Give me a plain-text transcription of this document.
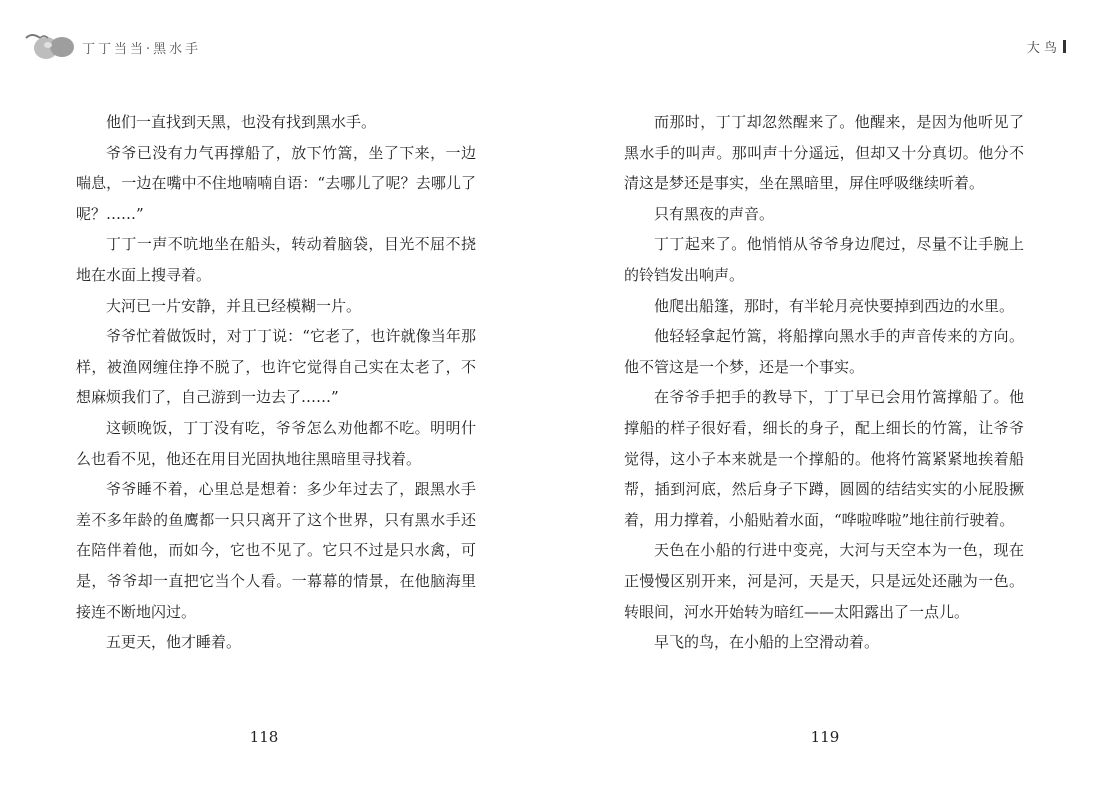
丁丁当当·黑水手	大 鸟

他们一直找到天黑，也没有找到黑水手。

爷爷已没有力气再撑船了，放下竹篙，坐了下来，一边喘息，一边在嘴中不住地喃喃自语：“去哪儿了呢？去哪儿了呢？……”

丁丁一声不吭地坐在船头，转动着脑袋，目光不屈不挠地在水面上搜寻着。

大河已一片安静，并且已经模糊一片。

爷爷忙着做饭时，对丁丁说：“它老了，也许就像当年那样，被渔网缠住挣不脱了，也许它觉得自己实在太老了，不想麻烦我们了，自己游到一边去了……”

这顿晚饭，丁丁没有吃，爷爷怎么劝他都不吃。明明什么也看不见，他还在用目光固执地往黑暗里寻找着。

爷爷睡不着，心里总是想着：多少年过去了，跟黑水手差不多年龄的鱼鹰都一只只离开了这个世界，只有黑水手还在陪伴着他，而如今，它也不见了。它只不过是只水禽，可是，爷爷却一直把它当个人看。一幕幕的情景，在他脑海里接连不断地闪过。

五更天，他才睡着。

而那时，丁丁却忽然醒来了。他醒来，是因为他听见了黑水手的叫声。那叫声十分遥远，但却又十分真切。他分不清这是梦还是事实，坐在黑暗里，屏住呼吸继续听着。

只有黑夜的声音。

丁丁起来了。他悄悄从爷爷身边爬过，尽量不让手腕上的铃铛发出响声。

他爬出船篷，那时，有半轮月亮快要掉到西边的水里。

他轻轻拿起竹篙，将船撑向黑水手的声音传来的方向。他不管这是一个梦，还是一个事实。

在爷爷手把手的教导下，丁丁早已会用竹篙撑船了。他撑船的样子很好看，细长的身子，配上细长的竹篙，让爷爷觉得，这小子本来就是一个撑船的。他将竹篙紧紧地挨着船帮，插到河底，然后身子下蹲，圆圆的结结实实的小屁股撅着，用力撑着，小船贴着水面，“哗啦哗啦”地往前行驶着。

天色在小船的行进中变亮，大河与天空本为一色，现在正慢慢区别开来，河是河，天是天，只是远处还融为一色。转眼间，河水开始转为暗红——太阳露出了一点儿。

早飞的鸟，在小船的上空滑动着。

118	119
